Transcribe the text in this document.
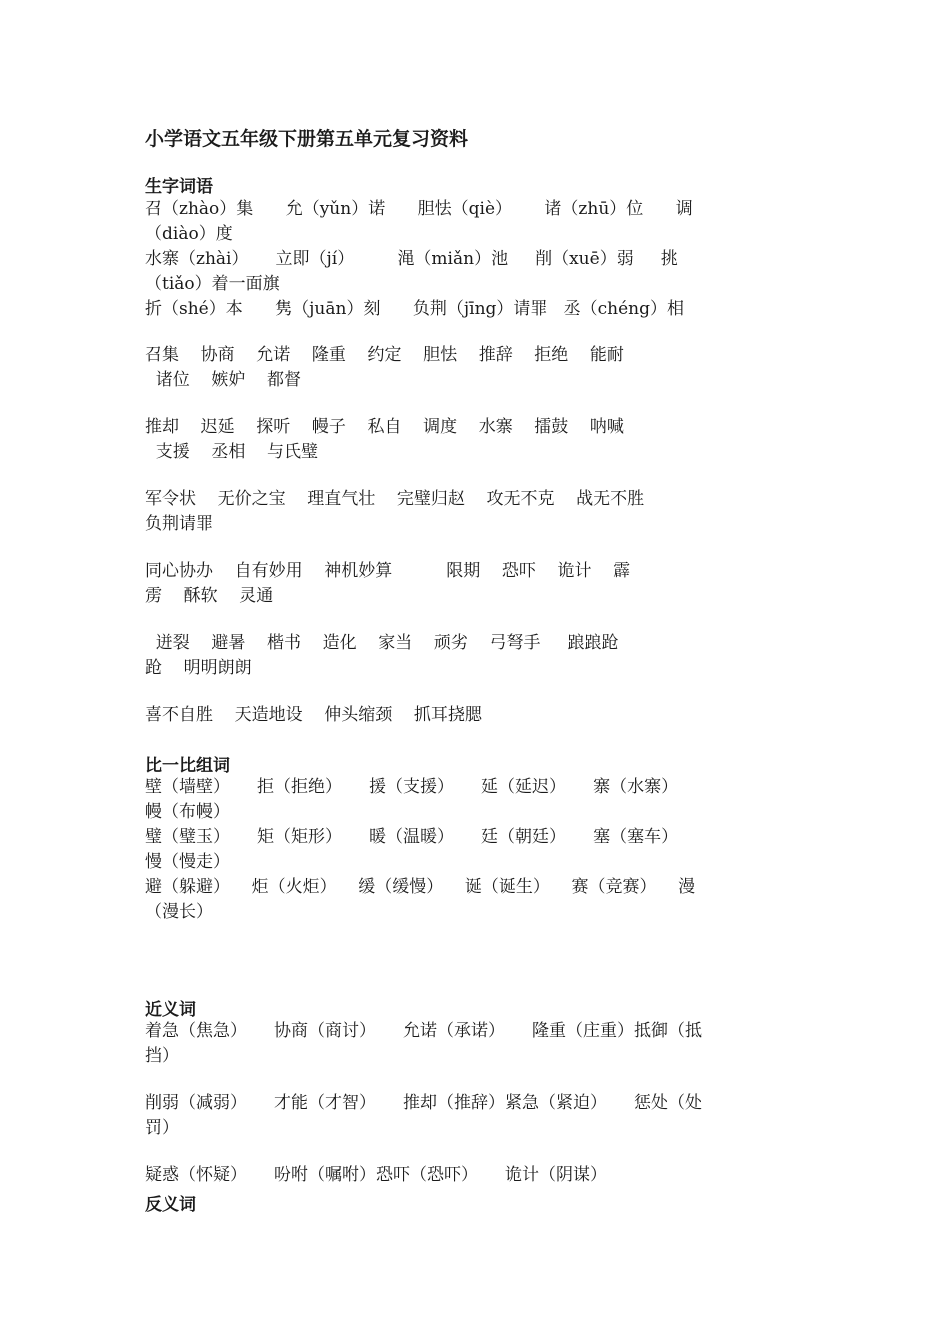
小学语文五年级下册第五单元复习资料
生字词语

召（zhào）集      允（yǔn）诺      胆怯（qiè）      诸（zhū）位      调

（diào）度

水寨（zhài）     立即（jí）        渑（miǎn）池     削（xuē）弱     挑

（tiǎo）着一面旗

折（shé）本      隽（juān）刻      负荆（jīng）请罪   丞（chéng）相

召集    协商    允诺    隆重    约定    胆怯    推辞    拒绝    能耐

诸位    嫉妒    都督

推却    迟延    探听    幔子    私自    调度    水寨    擂鼓    呐喊

支援    丞相    与氏璧

军令状    无价之宝    理直气壮    完璧归赵    攻无不克    战无不胜

负荆请罪

同心协办    自有妙用    神机妙算          限期    恐吓    诡计    霹

雳    酥软    灵通

迸裂    避暑    楷书    造化    家当    顽劣    弓弩手     踉踉跄

跄    明明朗朗

喜不自胜    天造地设    伸头缩颈    抓耳挠腮

比一比组词

壁（墙壁）     拒（拒绝）     援（支援）     延（延迟）     寨（水寨）

幔（布幔）

璧（璧玉）     矩（矩形）     暖（温暖）     廷（朝廷）     塞（塞车）

慢（慢走）

避（躲避）    炬（火炬）    缓（缓慢）    诞（诞生）    赛（竞赛）    漫

（漫长）

近义词

着急（焦急）     协商（商讨）     允诺（承诺）     隆重（庄重）抵御（抵

挡）

削弱（减弱）     才能（才智）     推却（推辞）紧急（紧迫）     惩处（处

罚）

疑惑（怀疑）     吩咐（嘱咐）恐吓（恐吓）     诡计（阴谋）

反义词
